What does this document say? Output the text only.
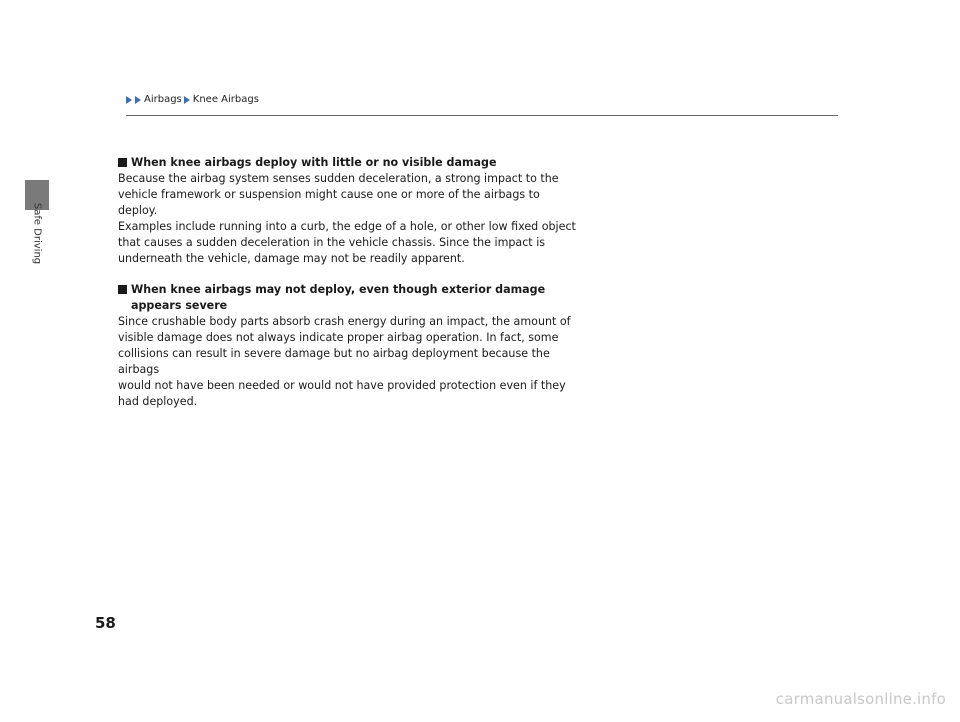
Safe Driving
Airbags Knee Airbags
When knee airbags deploy with little or no visible damage

Because the airbag system senses sudden deceleration, a strong impact to the
vehicle framework or suspension might cause one or more of the airbags to deploy.
Examples include running into a curb, the edge of a hole, or other low fixed object
that causes a sudden deceleration in the vehicle chassis. Since the impact is
underneath the vehicle, damage may not be readily apparent.

When knee airbags may not deploy, even though exterior damage
appears severe

Since crushable body parts absorb crash energy during an impact, the amount of
visible damage does not always indicate proper airbag operation. In fact, some
collisions can result in severe damage but no airbag deployment because the airbags
would not have been needed or would not have provided protection even if they
had deployed.

58
carmanualsonline.info
